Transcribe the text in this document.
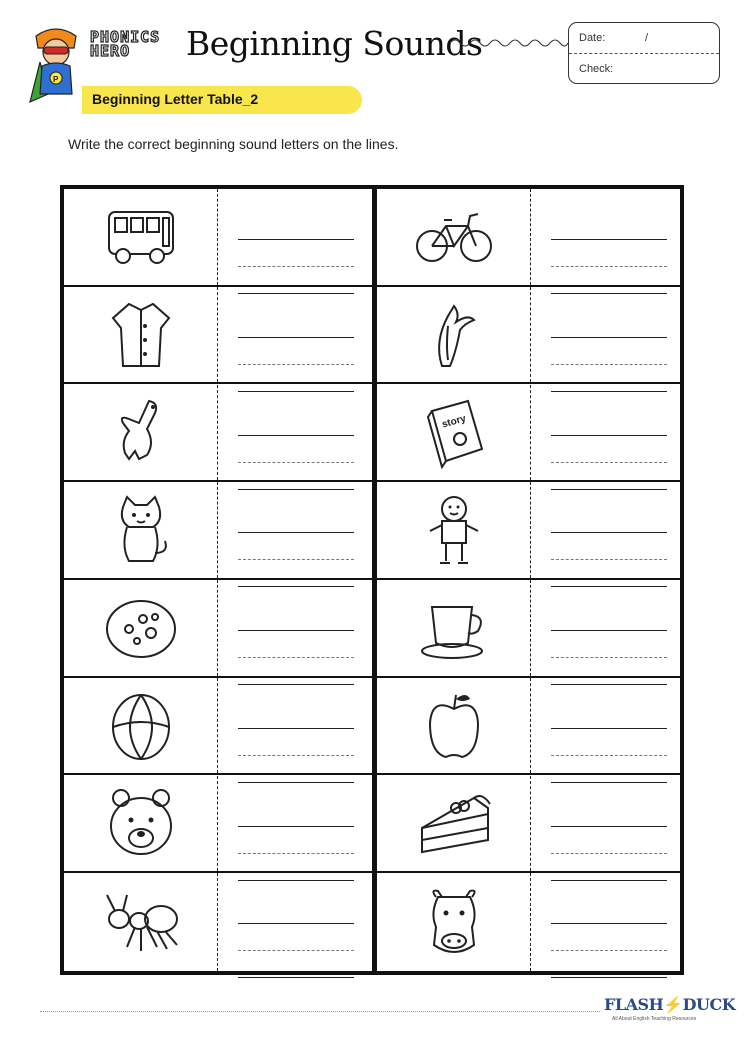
P
PHONICS
HERO	Beginning Sounds	Date:	/
Check:
Beginning Letter Table_2
Write the correct beginning sound letters on the lines.
story
FLASH⚡DUCK
All About English Teaching Resources
